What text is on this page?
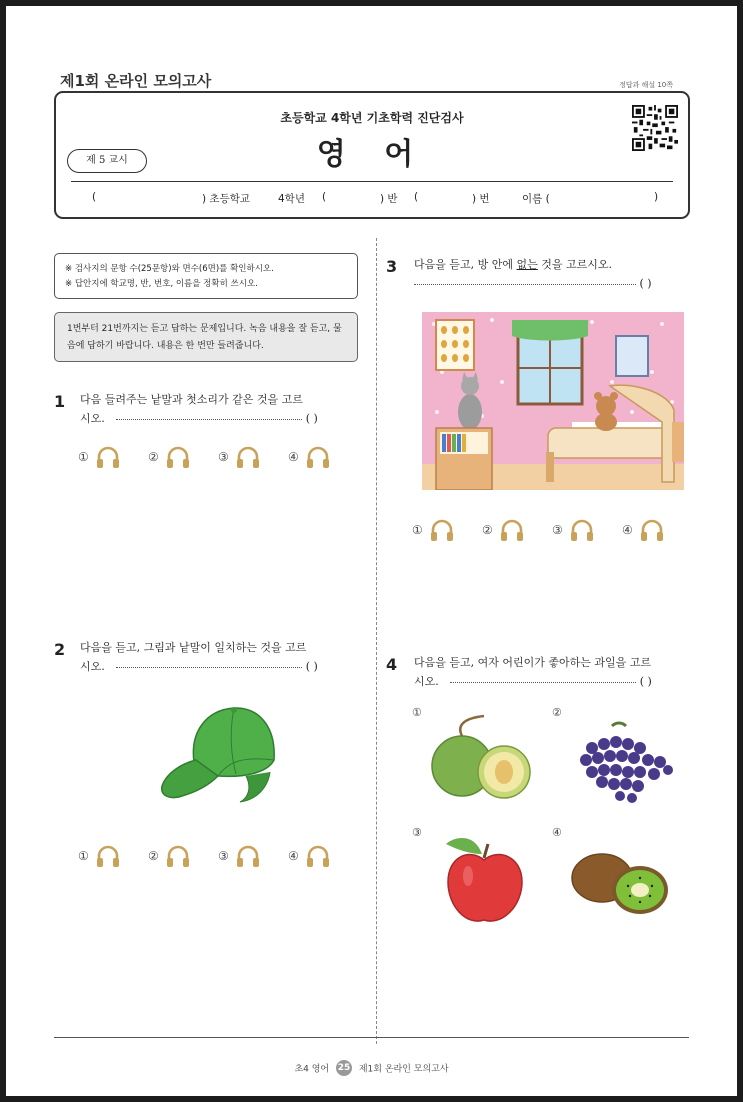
제1회 온라인 모의고사	정답과 해설 10쪽
초등학교 4학년 기초학력 진단검사
영 어
제 5 교시
(	) 초등학교	4학년 (	) 반 (	) 번	이름 (	)
※ 검사지의 문항 수(25문항)와 면수(6면)를 확인하시오.
※ 답안지에 학교명, 반, 번호, 이름을 정확히 쓰시오.
1번부터 21번까지는 듣고 답하는 문제입니다. 녹음 내용을 잘 듣고, 물음에 답하기 바랍니다. 내용은 한 번만 들려줍니다.
1 다음 들려주는 낱말과 첫소리가 같은 것을 고르
시오.	( )
①	②	③	④
2 다음을 듣고, 그림과 낱말이 일치하는 것을 고르
시오.	( )
①	②	③	④
3 다음을 듣고, 방 안에 없는 것을 고르시오.
( )
①	②	③	④
4 다음을 듣고, 여자 어린이가 좋아하는 과일을 고르
시오.	( )
①	②
③	④
초4 영어 25 제1회 온라인 모의고사
